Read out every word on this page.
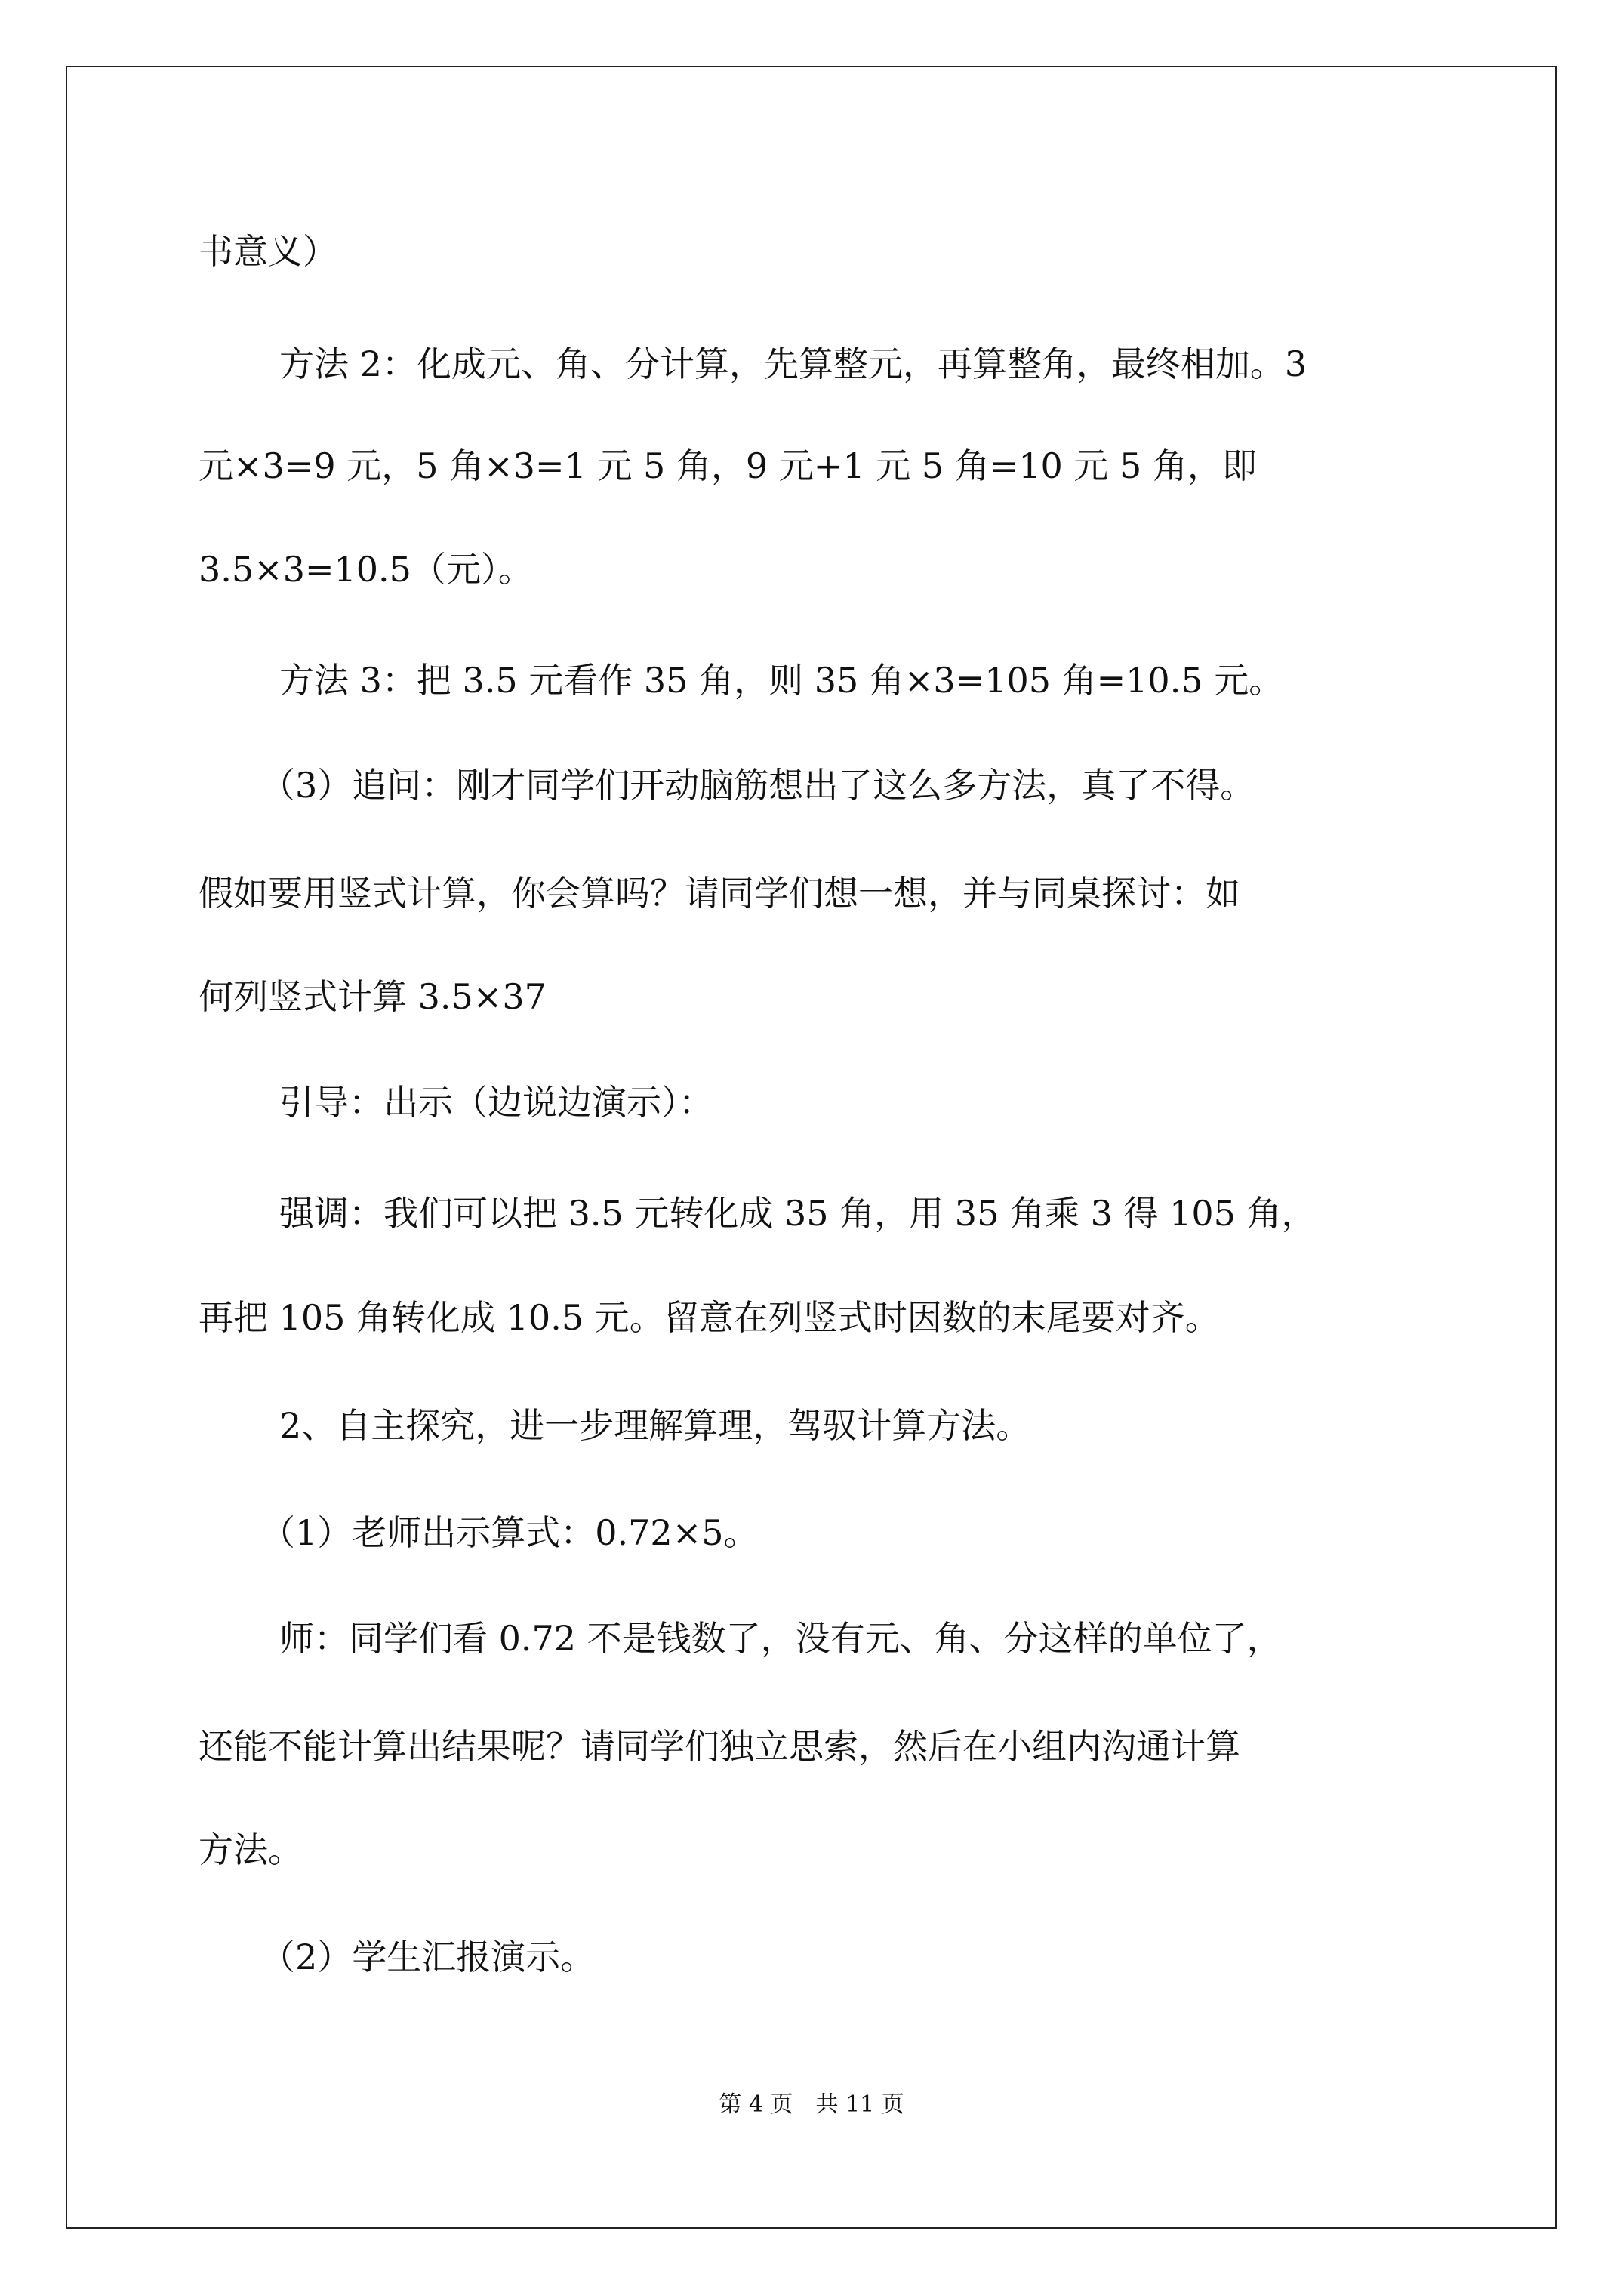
书意义）

方法 2：化成元、角、分计算，先算整元，再算整角，最终相加。3

元×3=9 元，5 角×3=1 元 5 角，9 元+1 元 5 角=10 元 5 角，即

3.5×3=10.5（元）。

方法 3：把 3.5 元看作 35 角，则 35 角×3=105 角=10.5 元。

（3）追问：刚才同学们开动脑筋想出了这么多方法，真了不得。

假如要用竖式计算，你会算吗？请同学们想一想，并与同桌探讨：如

何列竖式计算 3.5×37

引导：出示（边说边演示）：

强调：我们可以把 3.5 元转化成 35 角，用 35 角乘 3 得 105 角，

再把 105 角转化成 10.5 元。留意在列竖式时因数的末尾要对齐。

2、自主探究，进一步理解算理，驾驭计算方法。

（1）老师出示算式：0.72×5。

师：同学们看 0.72 不是钱数了，没有元、角、分这样的单位了，

还能不能计算出结果呢？请同学们独立思索，然后在小组内沟通计算

方法。

（2）学生汇报演示。

第 4 页　共 11 页
